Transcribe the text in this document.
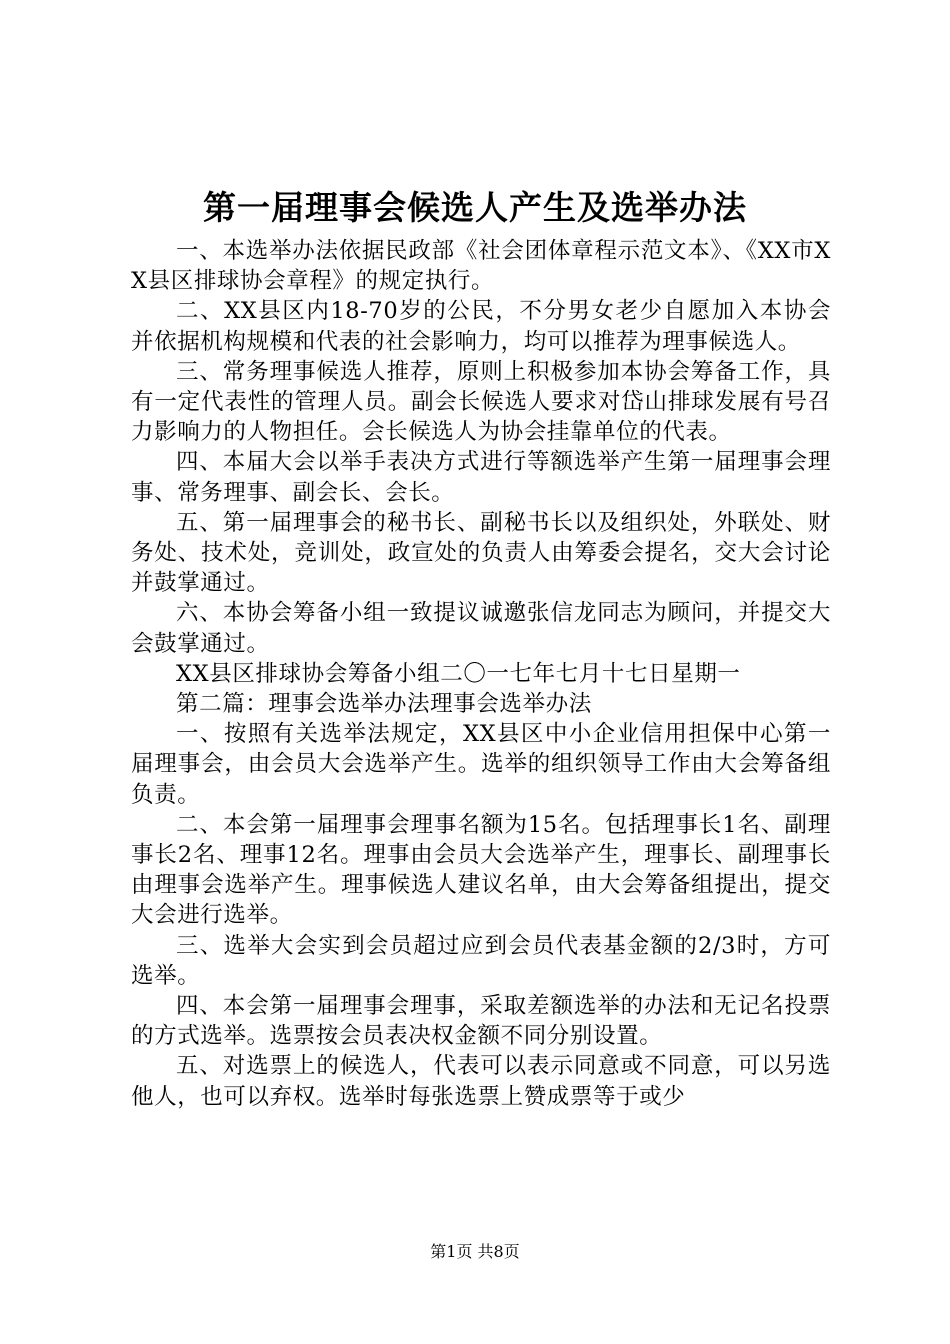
第一届理事会候选人产生及选举办法

一、本选举办法依据民政部《社会团体章程示范文本》、《XX市XX县区排球协会章程》的规定执行。

二、XX县区内18-70岁的公民，不分男女老少自愿加入本协会并依据机构规模和代表的社会影响力，均可以推荐为理事候选人。

三、常务理事候选人推荐，原则上积极参加本协会筹备工作，具有一定代表性的管理人员。副会长候选人要求对岱山排球发展有号召力影响力的人物担任。会长候选人为协会挂靠单位的代表。

四、本届大会以举手表决方式进行等额选举产生第一届理事会理事、常务理事、副会长、会长。

五、第一届理事会的秘书长、副秘书长以及组织处，外联处、财务处、技术处，竞训处，政宣处的负责人由筹委会提名，交大会讨论并鼓掌通过。

六、本协会筹备小组一致提议诚邀张信龙同志为顾问，并提交大会鼓掌通过。

XX县区排球协会筹备小组二〇一七年七月十七日星期一

第二篇：理事会选举办法理事会选举办法

一、按照有关选举法规定，XX县区中小企业信用担保中心第一届理事会，由会员大会选举产生。选举的组织领导工作由大会筹备组负责。

二、本会第一届理事会理事名额为15名。包括理事长1名、副理事长2名、理事12名。理事由会员大会选举产生，理事长、副理事长由理事会选举产生。理事候选人建议名单，由大会筹备组提出，提交大会进行选举。

三、选举大会实到会员超过应到会员代表基金额的2/3时，方可选举。

四、本会第一届理事会理事，采取差额选举的办法和无记名投票的方式选举。选票按会员表决权金额不同分别设置。

五、对选票上的候选人，代表可以表示同意或不同意，可以另选他人，也可以弃权。选举时每张选票上赞成票等于或少

第1页 共8页
